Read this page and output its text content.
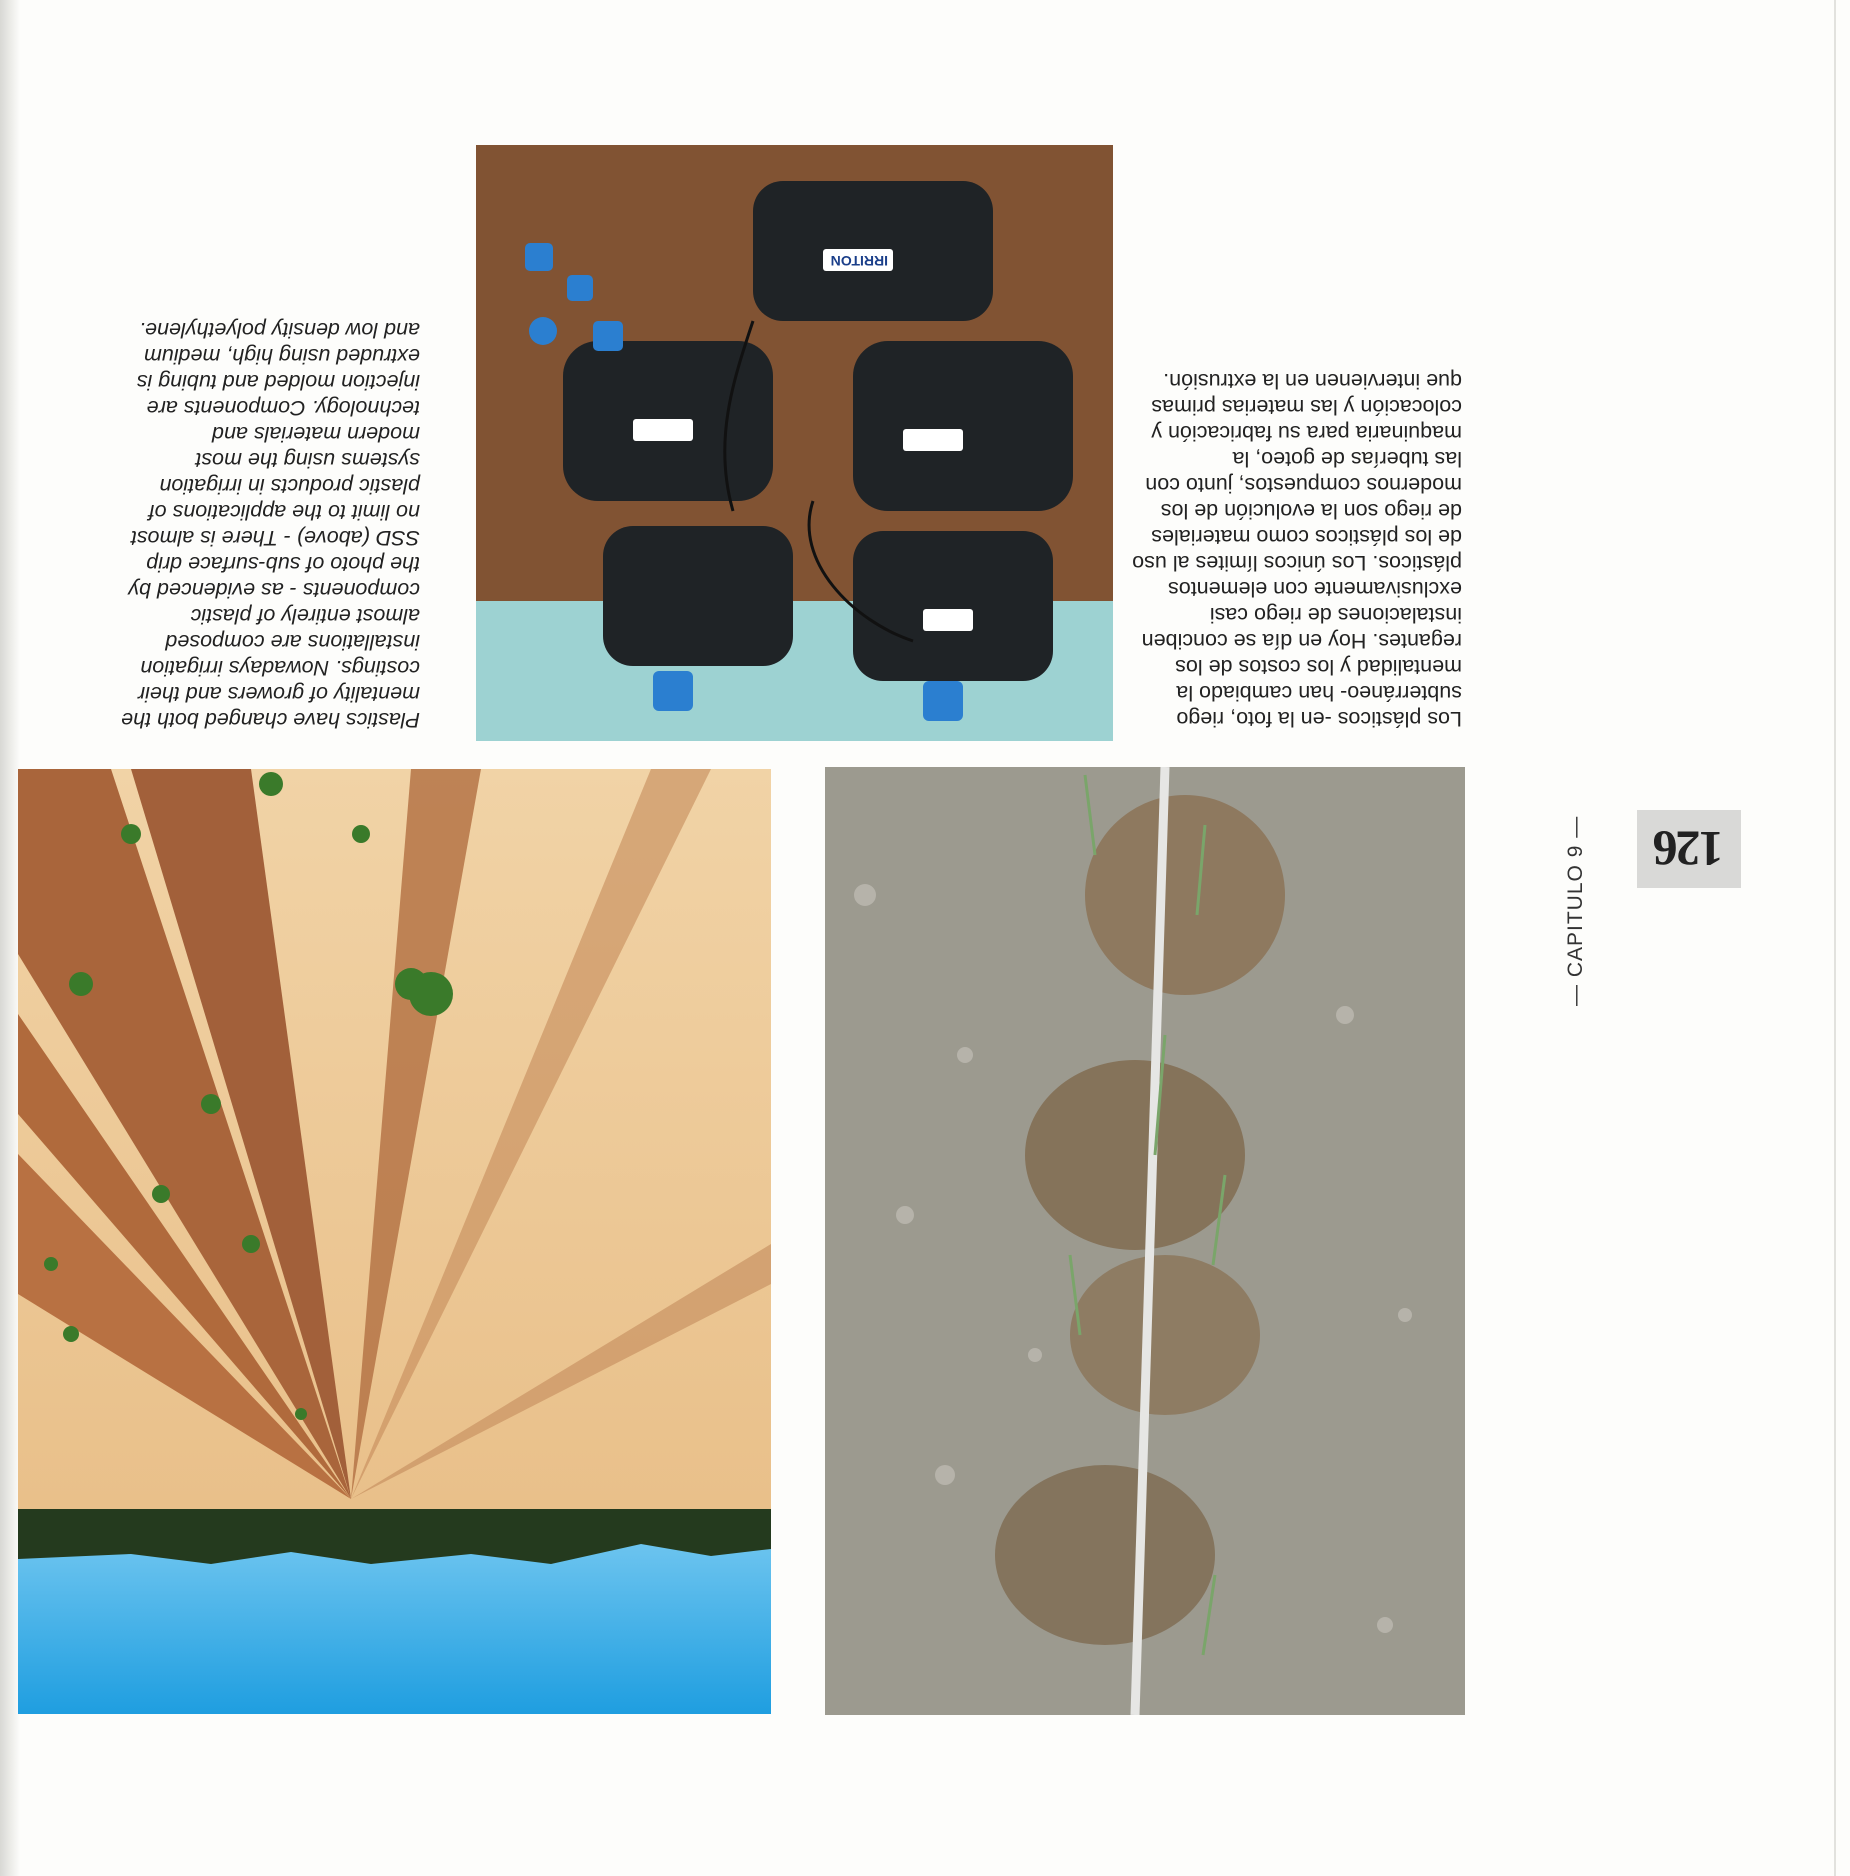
IRRITON

Los plásticos -en la foto, riego subterráneo- han cambiado la mentalidad y los costos de los regantes. Hoy en día se conciben instalaciones de riego casi exclusivamente con elementos plásticos. Los únicos límites al uso de los plásticos como materiales de riego son la evolución de los modernos compuestos, junto con las tuberías de goteo, la maquinaria para su fabricación y colocación y las materias primas que intervienen en la extrusión.

Plastics have changed both the mentality of growers and their costings. Nowadays irrigation installations are composed almost entirely of plastic components - as evidenced by the photo of sub-surface drip SSD (above) - There is almost no limit to the applications of plastic products in irrigation systems using the most modern materials and technology. Components are injection molded and tubing is extruded using high, medium and low density polyethylene.

126
— CAPITULO 9 —
